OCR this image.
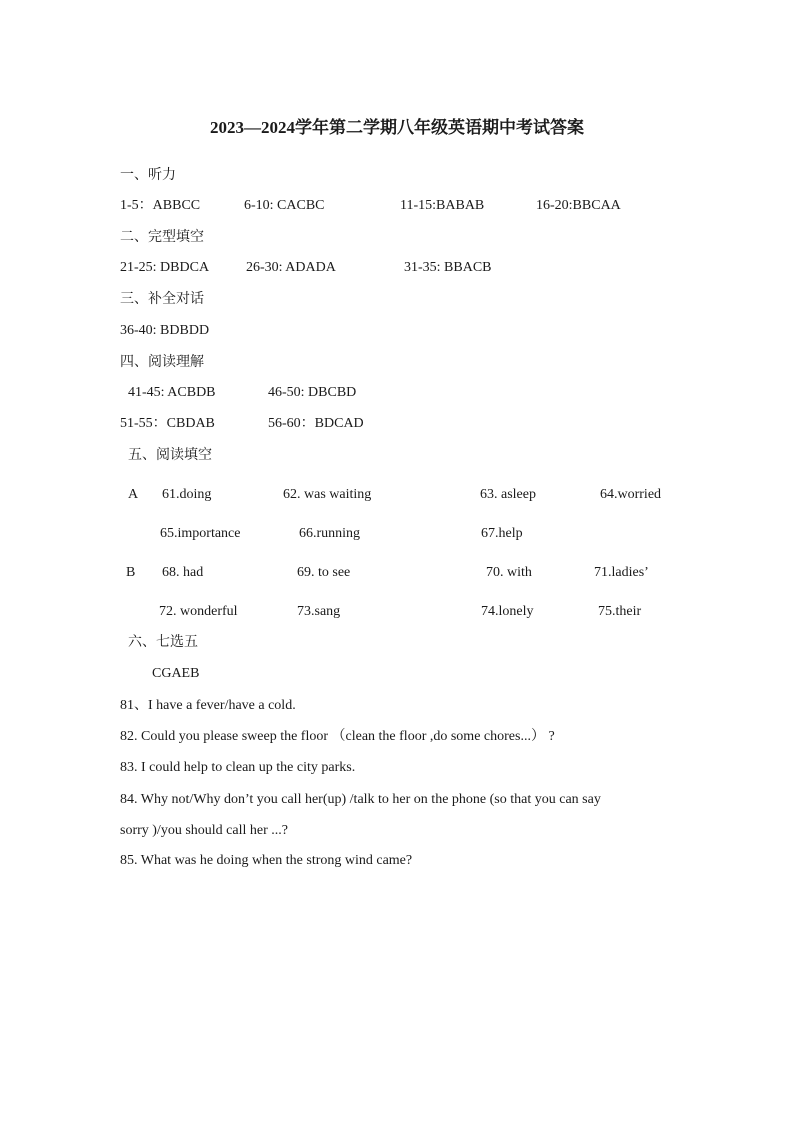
2023—2024学年第二学期八年级英语期中考试答案
一、听力
1-5：ABBCC	6-10: CACBC	11-15:BABAB	16-20:BBCAA
二、完型填空
21-25: DBDCA	26-30: ADADA	31-35: BBACB
三、补全对话
36-40: BDBDD
四、阅读理解
41-45: ACBDB	46-50: DBCBD
51-55：CBDAB	56-60：BDCAD
五、阅读填空
A 61.doing	62. was waiting	63. asleep	64.worried
65.importance	66.running	67.help
B 68. had	69. to see	70. with	71.ladies’
72. wonderful	73.sang	74.lonely	75.their
六、七选五
CGAEB
81、I have a fever/have a cold.
82. Could you please sweep the floor （clean the floor ,do some chores...） ?
83. I could help to clean up the city parks.
84. Why not/Why don’t you call her(up) /talk to her on the phone (so that you can say
sorry )/you should call her ...?
85. What was he doing when the strong wind came?
